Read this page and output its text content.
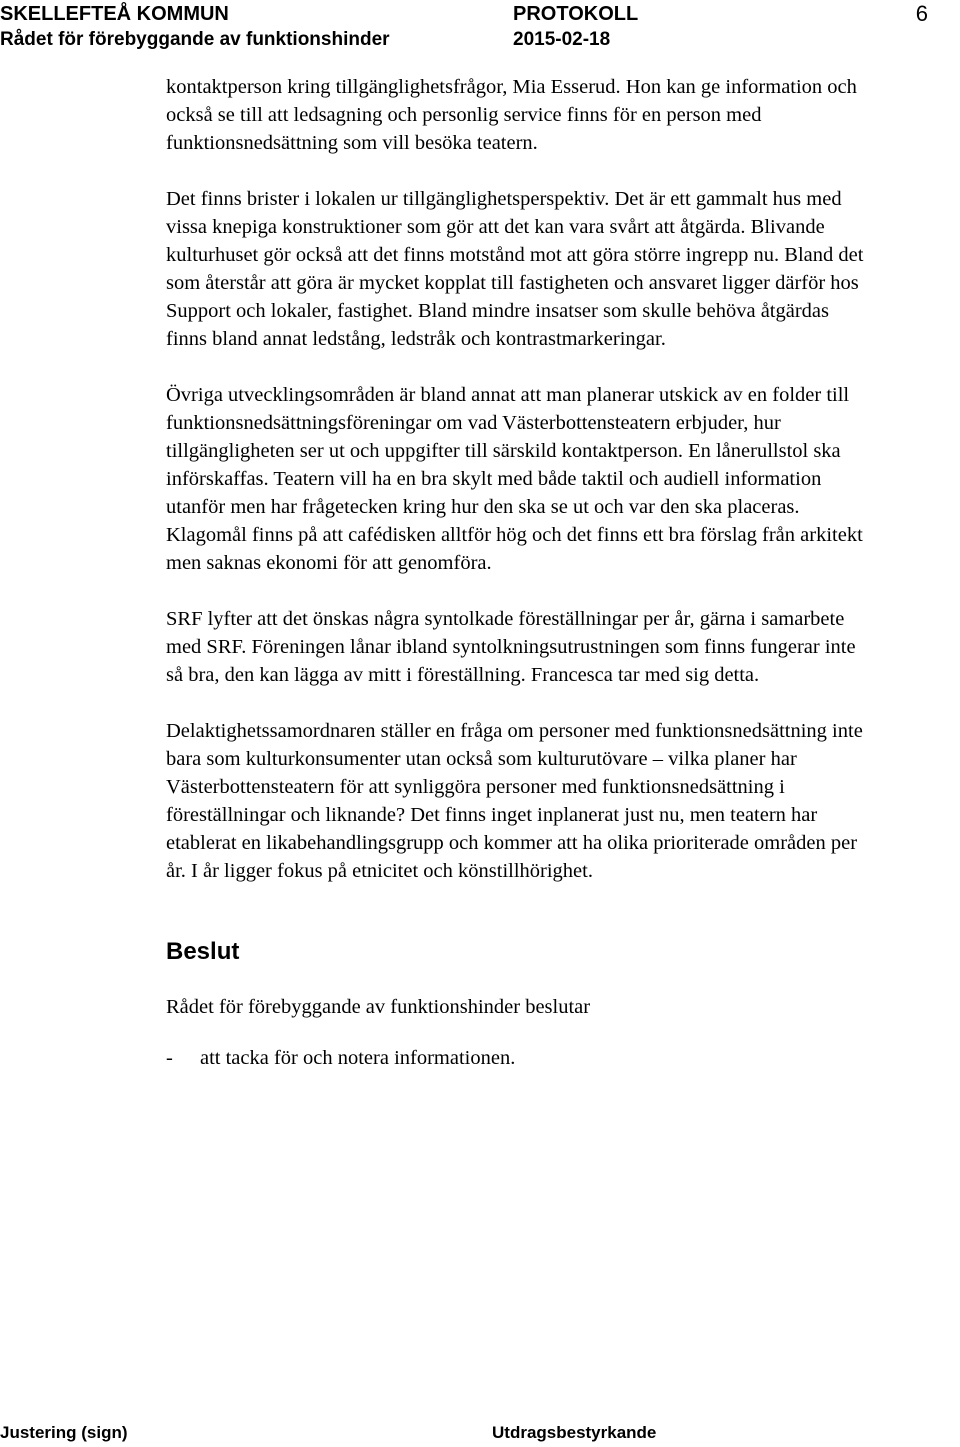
SKELLEFTEÅ KOMMUN
Rådet för förebyggande av funktionshinder
PROTOKOLL
2015-02-18
6

kontaktperson kring tillgänglighetsfrågor, Mia Esserud. Hon kan ge information och också se till att ledsagning och personlig service finns för en person med funktionsnedsättning som vill besöka teatern.

Det finns brister i lokalen ur tillgänglighetsperspektiv. Det är ett gammalt hus med vissa knepiga konstruktioner som gör att det kan vara svårt att åtgärda. Blivande kulturhuset gör också att det finns motstånd mot att göra större ingrepp nu. Bland det som återstår att göra är mycket kopplat till fastigheten och ansvaret ligger därför hos Support och lokaler, fastighet. Bland mindre insatser som skulle behöva åtgärdas finns bland annat ledstång, ledstråk och kontrastmarkeringar.

Övriga utvecklingsområden är bland annat att man planerar utskick av en folder till funktionsnedsättningsföreningar om vad Västerbottensteatern erbjuder, hur tillgängligheten ser ut och uppgifter till särskild kontaktperson. En lånerullstol ska införskaffas. Teatern vill ha en bra skylt med både taktil och audiell information utanför men har frågetecken kring hur den ska se ut och var den ska placeras. Klagomål finns på att cafédisken alltför hög och det finns ett bra förslag från arkitekt men saknas ekonomi för att genomföra.

SRF lyfter att det önskas några syntolkade föreställningar per år, gärna i samarbete med SRF. Föreningen lånar ibland syntolkningsutrustningen som finns fungerar inte så bra, den kan lägga av mitt i föreställning. Francesca tar med sig detta.

Delaktighetssamordnaren ställer en fråga om personer med funktionsnedsättning inte bara som kulturkonsumenter utan också som kulturutövare – vilka planer har Västerbottensteatern för att synliggöra personer med funktionsnedsättning i föreställningar och liknande? Det finns inget inplanerat just nu, men teatern har etablerat en likabehandlingsgrupp och kommer att ha olika prioriterade områden per år. I år ligger fokus på etnicitet och könstillhörighet.

Beslut

Rådet för förebyggande av funktionshinder beslutar

-	att tacka för och notera informationen.
Justering (sign)	Utdragsbestyrkande
